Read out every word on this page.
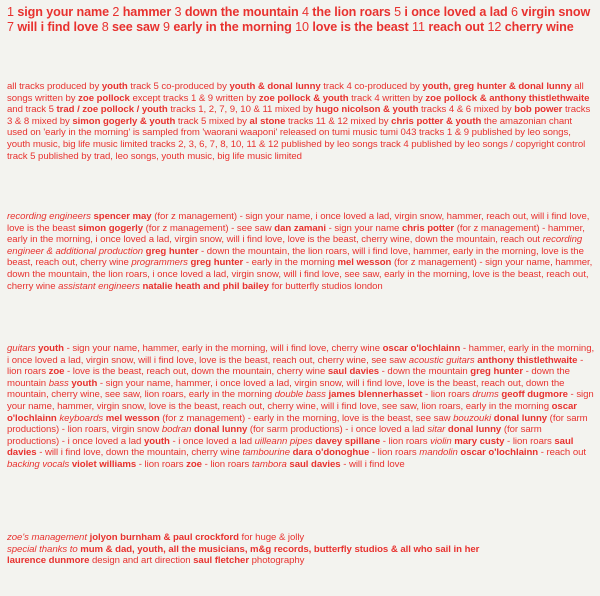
1 sign your name 2 hammer 3 down the mountain 4 the lion roars 5 i once loved a lad 6 virgin snow 7 will i find love 8 see saw 9 early in the morning 10 love is the beast 11 reach out 12 cherry wine
all tracks produced by youth track 5 co-produced by youth & donal lunny track 4 co-produced by youth, greg hunter & donal lunny all songs written by zoe pollock except tracks 1 & 9 written by zoe pollock & youth track 4 written by zoe pollock & anthony thistlethwaite and track 5 trad / zoe pollock / youth tracks 1, 2, 7, 9, 10 & 11 mixed by hugo nicolson & youth tracks 4 & 6 mixed by bob power tracks 3 & 8 mixed by simon gogerly & youth track 5 mixed by al stone tracks 11 & 12 mixed by chris potter & youth the amazonian chant used on 'early in the morning' is sampled from 'waorani waaponi' released on tumi music tumi 043 tracks 1 & 9 published by leo songs, youth music, big life music limited tracks 2, 3, 6, 7, 8, 10, 11 & 12 published by leo songs track 4 published by leo songs / copyright control track 5 published by trad, leo songs, youth music, big life music limited
recording engineers spencer may (for z management) - sign your name, i once loved a lad, virgin snow, hammer, reach out, will i find love, love is the beast simon gogerly (for z management) - see saw dan zamani - sign your name chris potter (for z management) - hammer, early in the morning, i once loved a lad, virgin snow, will i find love, love is the beast, cherry wine, down the mountain, reach out recording engineer & additional production greg hunter - down the mountain, the lion roars, will i find love, hammer, early in the morning, love is the beast, reach out, cherry wine programmers greg hunter - early in the morning mel wesson (for z management) - sign your name, hammer, down the mountain, the lion roars, i once loved a lad, virgin snow, will i find love, see saw, early in the morning, love is the beast, reach out, cherry wine assistant engineers natalie heath and phil bailey for butterfly studios london
guitars youth - sign your name, hammer, early in the morning, will i find love, cherry wine oscar o'lochlainn - hammer, early in the morning, i once loved a lad, virgin snow, will i find love, love is the beast, reach out, cherry wine, see saw acoustic guitars anthony thistlethwaite - lion roars zoe - love is the beast, reach out, down the mountain, cherry wine saul davies - down the mountain greg hunter - down the mountain bass youth - sign your name, hammer, i once loved a lad, virgin snow, will i find love, love is the beast, reach out, down the mountain, cherry wine, see saw, lion roars, early in the morning double bass james blennerhasset - lion roars drums geoff dugmore - sign your name, hammer, virgin snow, love is the beast, reach out, cherry wine, will i find love, see saw, lion roars, early in the morning oscar o'lochlainn keyboards mel wesson (for z management) - early in the morning, love is the beast, see saw bouzouki donal lunny (for sarm productions) - lion roars, virgin snow bodran donal lunny (for sarm productions) - i once loved a lad sitar donal lunny (for sarm productions) - i once loved a lad youth - i once loved a lad uilleann pipes davey spillane - lion roars violin mary custy - lion roars saul davies - will i find love, down the mountain, cherry wine tambourine dara o'donoghue - lion roars mandolin oscar o'lochlainn - reach out backing vocals violet williams - lion roars zoe - lion roars tambora saul davies - will i find love
zoe's management jolyon burnham & paul crockford for huge & jolly
special thanks to mum & dad, youth, all the musicians, m&g records, butterfly studios & all who sail in her
laurence dunmore design and art direction saul fletcher photography
